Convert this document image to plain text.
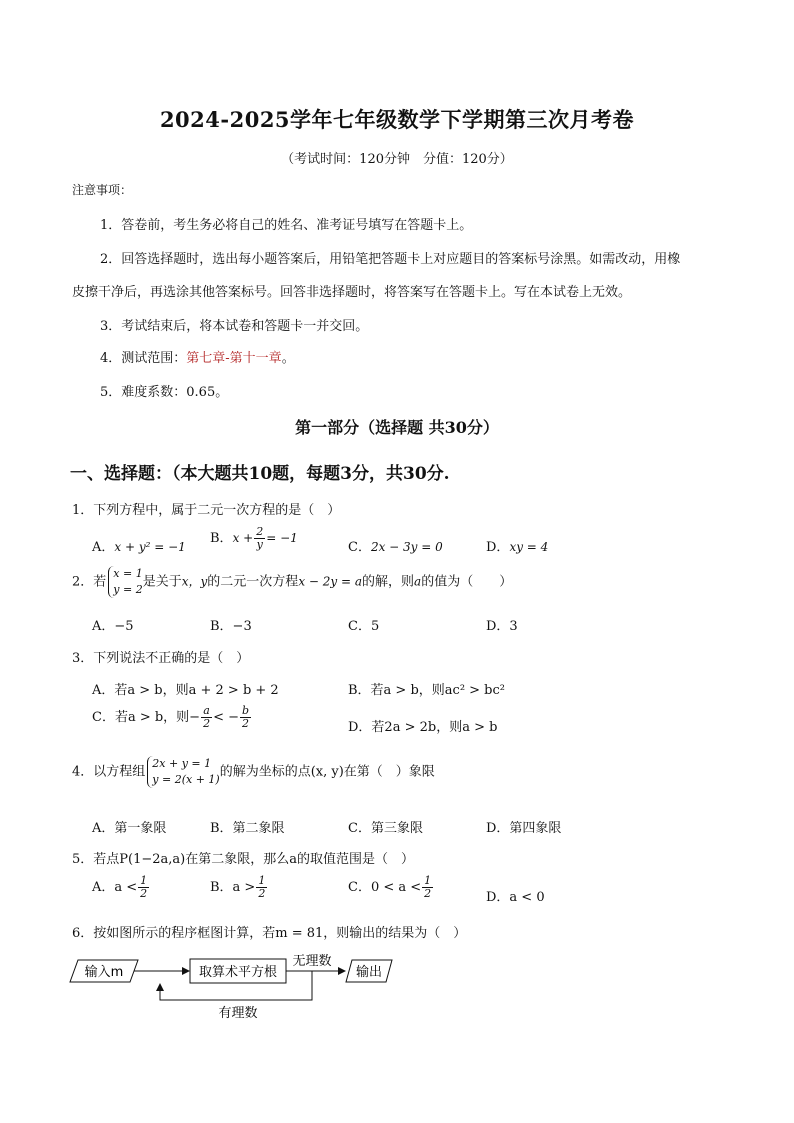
2024-2025学年七年级数学下学期第三次月考卷
（考试时间：120分钟　分值：120分）
注意事项：
1．答卷前，考生务必将自己的姓名、准考证号填写在答题卡上。
2．回答选择题时，选出每小题答案后，用铅笔把答题卡上对应题目的答案标号涂黑。如需改动，用橡
皮擦干净后，再选涂其他答案标号。回答非选择题时，将答案写在答题卡上。写在本试卷上无效。
3．考试结束后，将本试卷和答题卡一并交回。
4．测试范围：第七章-第十一章。
5．难度系数：0.65。
第一部分（选择题 共30分）
一、选择题：（本大题共10题，每题3分，共30分.
1．下列方程中，属于二元一次方程的是（　）
A．x + y² = −1
B．$x + \frac{2}{y} = -1$
C．2x − 3y = 0	D．xy = 4
2．若
x = 1
y = 2 是关于x，y的二元一次方程x − 2y = a的解，则a的值为（　　）
A．−5	B．−3	C．5	D．3
3．下列说法不正确的是（　）
A．若a > b，则a + 2 > b + 2	B．若a > b，则ac² > bc²
C．若a > b，则− $\frac{a}{2}$ < − $\frac{b}{2}$	D．若2a > 2b，则a > b
4．以方程组
2x + y = 1
y = 2(x + 1) 的解为坐标的点(x, y)在第（　）象限
A．第一象限	B．第二象限	C．第三象限	D．第四象限
5．若点P(1−2a,a)在第二象限，那么a的取值范围是（　）
A．$a < \frac{1}{2}$	B．$a > \frac{1}{2}$	C．$0 < a < \frac{1}{2}$	D．a < 0
6．按如图所示的程序框图计算，若m = 81，则输出的结果为（　）
输入m	取算术平方根
无理数
输出
有理数
